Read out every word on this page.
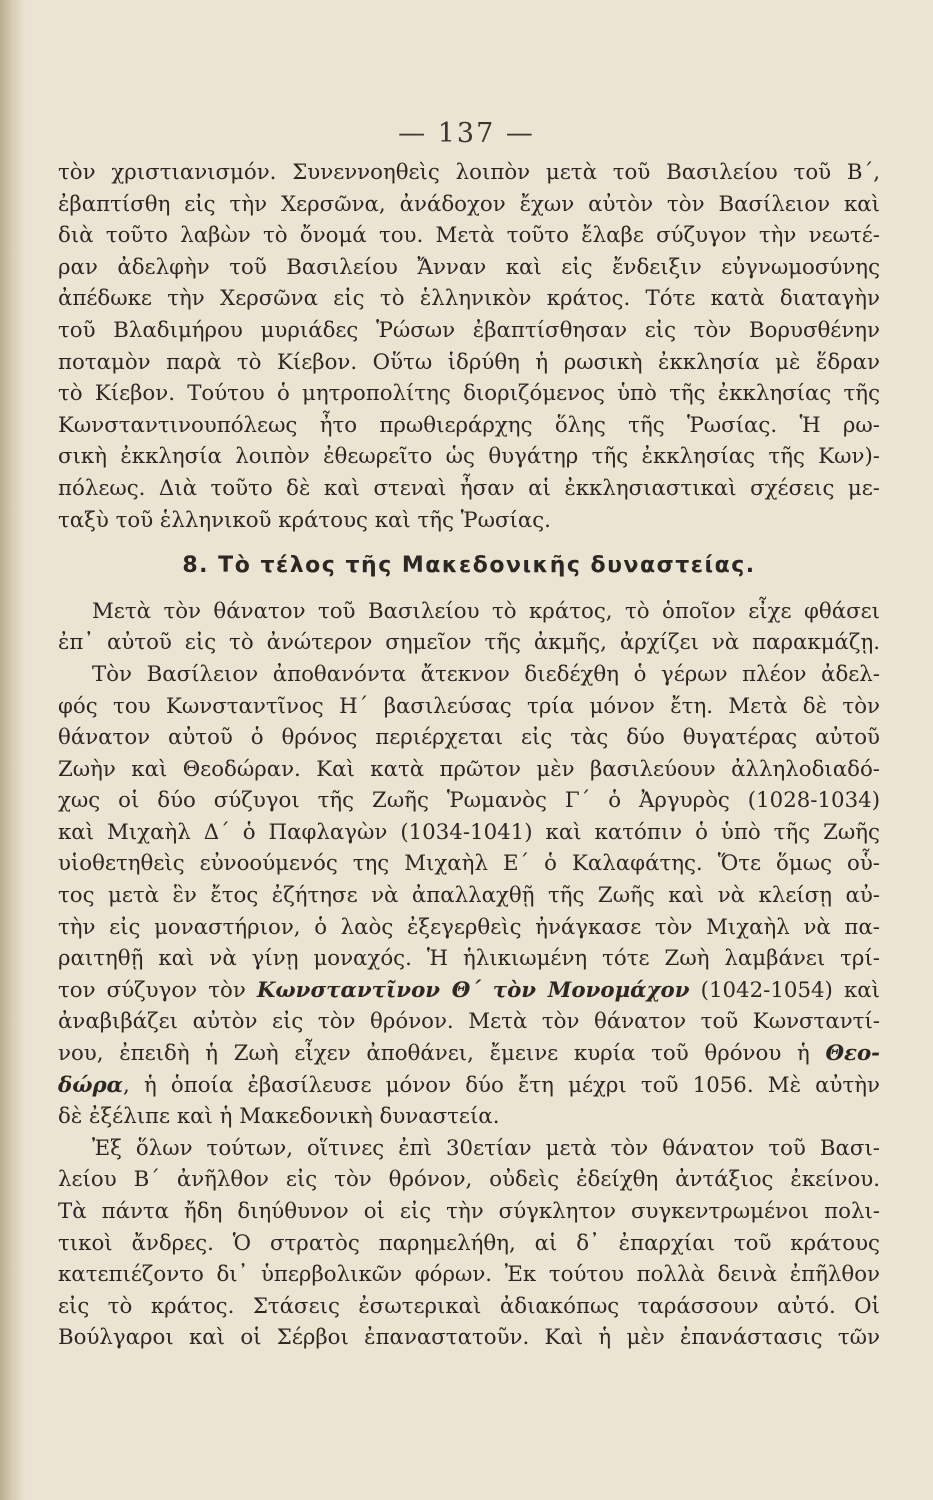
— 137 —
τὸν χριστιανισμόν. Συνεννοηθεὶς λοιπὸν μετὰ τοῦ Βασιλείου τοῦ Β΄,
ἐβαπτίσθη εἰς τὴν Χερσῶνα, ἀνάδοχον ἔχων αὐτὸν τὸν Βασίλειον καὶ
διὰ τοῦτο λαβὼν τὸ ὄνομά του. Μετὰ τοῦτο ἔλαβε σύζυγον τὴν νεωτέ-
ραν ἀδελφὴν τοῦ Βασιλείου Ἄνναν καὶ εἰς ἔνδειξιν εὐγνωμοσύνης
ἀπέδωκε τὴν Χερσῶνα εἰς τὸ ἑλληνικὸν κράτος. Τότε κατὰ διαταγὴν
τοῦ Βλαδιμήρου μυριάδες Ῥώσων ἐβαπτίσθησαν εἰς τὸν Βορυσθένην
ποταμὸν παρὰ τὸ Κίεβον. Οὕτω ἱδρύθη ἡ ρωσικὴ ἐκκλησία μὲ ἕδραν
τὸ Κίεβον. Τούτου ὁ μητροπολίτης διοριζόμενος ὑπὸ τῆς ἐκκλησίας τῆς
Κωνσταντινουπόλεως ἦτο πρωθιεράρχης ὅλης τῆς Ῥωσίας. Ἡ ρω-
σικὴ ἐκκλησία λοιπὸν ἐθεωρεῖτο ὡς θυγάτηρ τῆς ἐκκλησίας τῆς Κων)-
πόλεως. Διὰ τοῦτο δὲ καὶ στεναὶ ἦσαν αἱ ἐκκλησιαστικαὶ σχέσεις με-
ταξὺ τοῦ ἑλληνικοῦ κράτους καὶ τῆς Ῥωσίας.
8. Τὸ τέλος τῆς Μακεδονικῆς δυναστείας.
Μετὰ τὸν θάνατον τοῦ Βασιλείου τὸ κράτος, τὸ ὁποῖον εἶχε φθάσει
ἐπ᾿ αὐτοῦ εἰς τὸ ἀνώτερον σημεῖον τῆς ἀκμῆς, ἀρχίζει νὰ παρακμάζῃ.
Τὸν Βασίλειον ἀποθανόντα ἄτεκνον διεδέχθη ὁ γέρων πλέον ἀδελ-
φός του Κωνσταντῖνος Η΄ βασιλεύσας τρία μόνον ἔτη. Μετὰ δὲ τὸν
θάνατον αὐτοῦ ὁ θρόνος περιέρχεται εἰς τὰς δύο θυγατέρας αὐτοῦ
Ζωὴν καὶ Θεοδώραν. Καὶ κατὰ πρῶτον μὲν βασιλεύουν ἀλληλοδιαδό-
χως οἱ δύο σύζυγοι τῆς Ζωῆς Ῥωμανὸς Γ΄ ὁ Ἀργυρὸς (1028-1034)
καὶ Μιχαὴλ Δ΄ ὁ Παφλαγὼν (1034-1041) καὶ κατόπιν ὁ ὑπὸ τῆς Ζωῆς
υἱοθετηθεὶς εὐνοούμενός της Μιχαὴλ Ε΄ ὁ Καλαφάτης. Ὅτε ὅμως οὗ-
τος μετὰ ἓν ἔτος ἐζήτησε νὰ ἀπαλλαχθῇ τῆς Ζωῆς καὶ νὰ κλείσῃ αὐ-
τὴν εἰς μοναστήριον, ὁ λαὸς ἐξεγερθεὶς ἠνάγκασε τὸν Μιχαὴλ νὰ πα-
ραιτηθῇ καὶ νὰ γίνῃ μοναχός. Ἡ ἡλικιωμένη τότε Ζωὴ λαμβάνει τρί-
τον σύζυγον τὸν Κωνσταντῖνον Θ΄ τὸν Μονομάχον (1042-1054) καὶ
ἀναβιβάζει αὐτὸν εἰς τὸν θρόνον. Μετὰ τὸν θάνατον τοῦ Κωνσταντί-
νου, ἐπειδὴ ἡ Ζωὴ εἶχεν ἀποθάνει, ἔμεινε κυρία τοῦ θρόνου ἡ Θεο-
δώρα, ἡ ὁποία ἐβασίλευσε μόνον δύο ἔτη μέχρι τοῦ 1056. Μὲ αὐτὴν
δὲ ἐξέλιπε καὶ ἡ Μακεδονικὴ δυναστεία.
Ἐξ ὅλων τούτων, οἵτινες ἐπὶ 30ετίαν μετὰ τὸν θάνατον τοῦ Βασι-
λείου Β΄ ἀνῆλθον εἰς τὸν θρόνον, οὐδεὶς ἐδείχθη ἀντάξιος ἐκείνου.
Τὰ πάντα ἤδη διηύθυνον οἱ εἰς τὴν σύγκλητον συγκεντρωμένοι πολι-
τικοὶ ἄνδρες. Ὁ στρατὸς παρημελήθη, αἱ δ᾿ ἐπαρχίαι τοῦ κράτους
κατεπιέζοντο δι᾿ ὑπερβολικῶν φόρων. Ἐκ τούτου πολλὰ δεινὰ ἐπῆλθον
εἰς τὸ κράτος. Στάσεις ἐσωτερικαὶ ἀδιακόπως ταράσσουν αὐτό. Οἱ
Βούλγαροι καὶ οἱ Σέρβοι ἐπαναστατοῦν. Καὶ ἡ μὲν ἐπανάστασις τῶν
